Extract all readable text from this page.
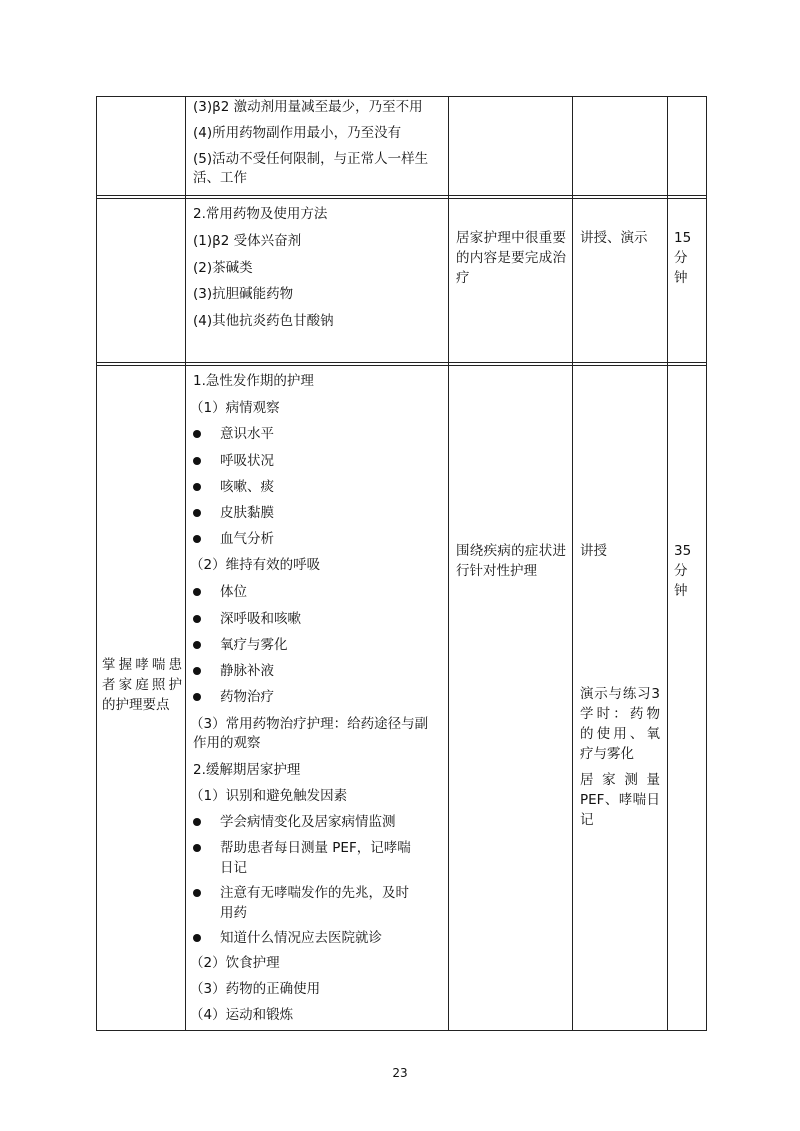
(3)β2 激动剂用量减至最少，乃至不用
(4)所用药物副作用最小，乃至没有
(5)活动不受任何限制，与正常人一样生
活、工作
2.常用药物及使用方法
(1)β2 受体兴奋剂
(2)茶碱类
(3)抗胆碱能药物
(4)其他抗炎药色甘酸钠
居家护理中很重要的内容是要完成治疗
讲授、演示 15分钟
掌握哮喘患者家庭照护的护理要点
1.急性发作期的护理
（1）病情观察
意识水平
呼吸状况
咳嗽、痰
皮肤黏膜
血气分析
（2）维持有效的呼吸
体位
深呼吸和咳嗽
氧疗与雾化
静脉补液
药物治疗
（3）常用药物治疗护理：给药途径与副
作用的观察
2.缓解期居家护理
（1）识别和避免触发因素
学会病情变化及居家病情监测
帮助患者每日测量 PEF，记哮喘日记
注意有无哮喘发作的先兆，及时用药
知道什么情况应去医院就诊
（2）饮食护理
（3）药物的正确使用
（4）运动和锻炼
围绕疾病的症状进行针对性护理
讲授
演示与练习3 学时：药物的使用、氧疗与雾化
居家测量PEF、哮喘日记
35分钟
23
